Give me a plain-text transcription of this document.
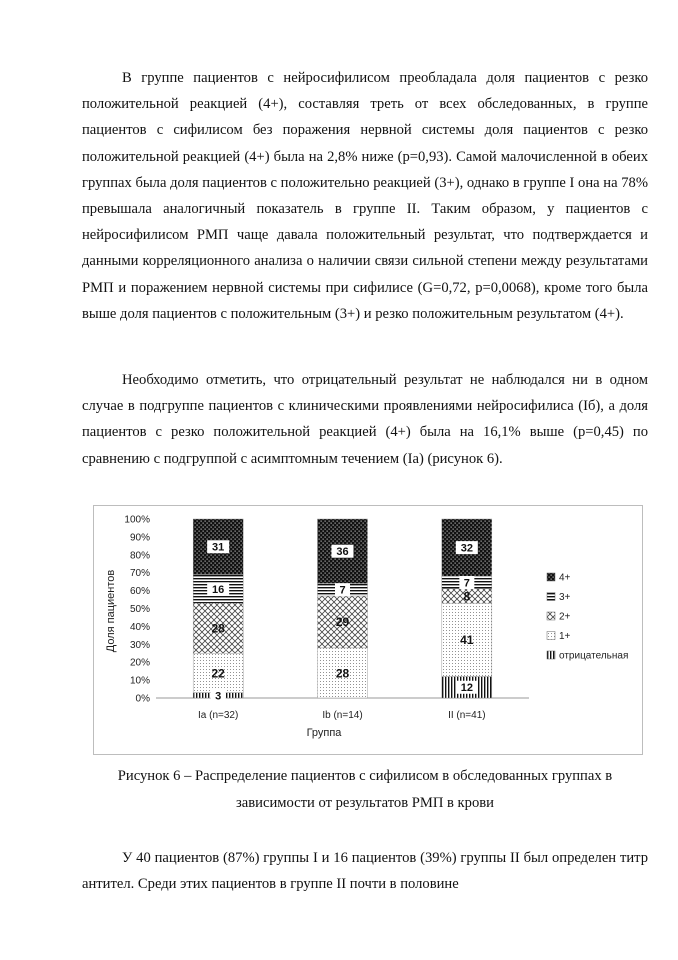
В группе пациентов с нейросифилисом преобладала доля пациентов с резко положительной реакцией (4+), составляя треть от всех обследованных, в группе пациентов с сифилисом без поражения нервной системы доля пациентов с резко положительной реакцией (4+) была на 2,8% ниже (р=0,93). Самой малочисленной в обеих группах была доля пациентов с положительно реакцией (3+), однако в группе I она на 78% превышала аналогичный показатель в группе II. Таким образом, у пациентов с нейросифилисом РМП чаще давала положительный результат, что подтверждается и данными корреляционного анализа о наличии связи сильной степени между результатами РМП и поражением нервной системы при сифилисе (G=0,72, р=0,0068), кроме того была выше доля пациентов с положительным (3+) и резко положительным результатом (4+).

Необходимо отметить, что отрицательный результат не наблюдался ни в одном случае в подгруппе пациентов с клиническими проявлениями нейросифилиса (Iб), а доля пациентов с резко положительной реакцией (4+) была на 16,1% выше (р=0,45) по сравнению с подгруппой с асимптомным течением (Iа) (рисунок 6).

0%
10%
20%
30%
40%
50%
60%
70%
80%
90%
100%
Ia (n=32)
3
22
28
16
31
Ib (n=14)
28
29
7
36
II (n=41)
12
41
8
7
32
4+
3+
2+
1+
отрицательная
Группа
Доля пациентов
Рисунок 6 – Распределение пациентов с сифилисом в обследованных группах в
зависимости от результатов РМП в крови

У 40 пациентов (87%) группы I и 16 пациентов (39%) группы II был определен титр антител. Среди этих пациентов в группе II почти в половине
